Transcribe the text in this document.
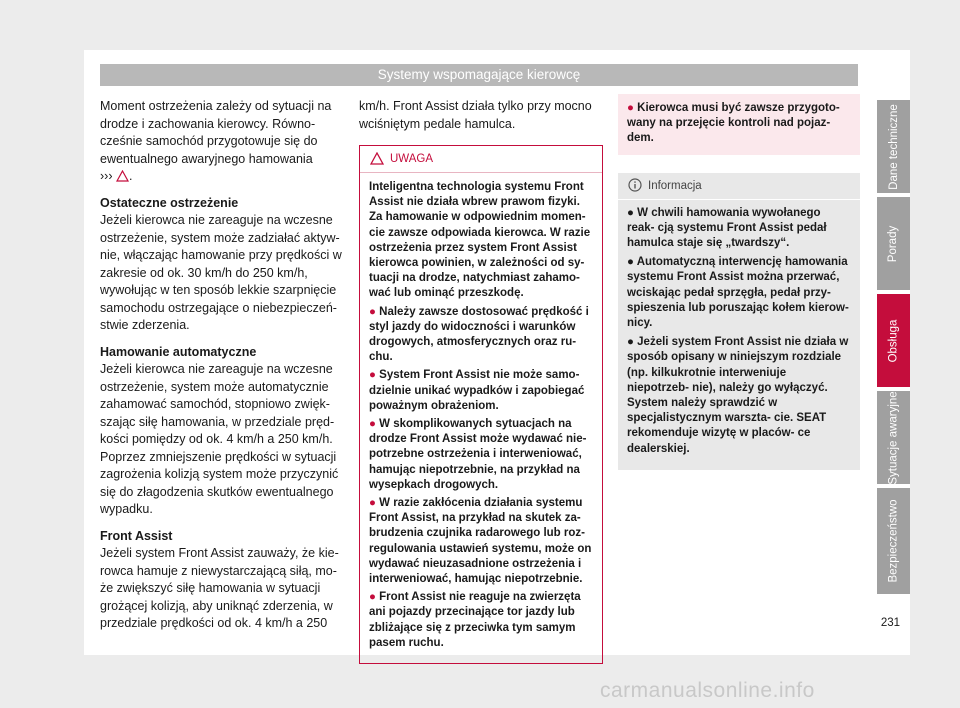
Systemy wspomagające kierowcę

Moment ostrzeżenia zależy od sytuacji na drodze i zachowania kierowcy. Równo- cześnie samochód przygotowuje się do ewentualnego awaryjnego hamowania
››› .

Ostateczne ostrzeżenie

Jeżeli kierowca nie zareaguje na wczesne ostrzeżenie, system może zadziałać aktyw- nie, włączając hamowanie przy prędkości w zakresie od ok. 30 km/h do 250 km/h, wywołując w ten sposób lekkie szarpnięcie samochodu ostrzegające o niebezpieczeń- stwie zderzenia.

Hamowanie automatyczne

Jeżeli kierowca nie zareaguje na wczesne ostrzeżenie, system może automatycznie zahamować samochód, stopniowo zwięk- szając siłę hamowania, w przedziale pręd- kości pomiędzy od ok. 4 km/h a 250 km/h. Poprzez zmniejszenie prędkości w sytuacji zagrożenia kolizją system może przyczynić się do złagodzenia skutków ewentualnego wypadku.

Front Assist

Jeżeli system Front Assist zauważy, że kie- rowca hamuje z niewystarczającą siłą, mo- że zwiększyć siłę hamowania w sytuacji grożącej kolizją, aby uniknąć zderzenia, w przedziale prędkości od ok. 4 km/h a 250

km/h. Front Assist działa tylko przy mocno wciśniętym pedale hamulca.

UWAGA

Inteligentna technologia systemu Front Assist nie działa wbrew prawom fizyki. Za hamowanie w odpowiednim momen- cie zawsze odpowiada kierowca. W razie ostrzeżenia przez system Front Assist kierowca powinien, w zależności od sy- tuacji na drodze, natychmiast zahamo- wać lub ominąć przeszkodę.

● Należy zawsze dostosować prędkość i styl jazdy do widoczności i warunków drogowych, atmosferycznych oraz ru- chu.

● System Front Assist nie może samo- dzielnie unikać wypadków i zapobiegać poważnym obrażeniom.

● W skomplikowanych sytuacjach na drodze Front Assist może wydawać nie- potrzebne ostrzeżenia i interweniować, hamując niepotrzebnie, na przykład na wysepkach drogowych.

● W razie zakłócenia działania systemu Front Assist, na przykład na skutek za- brudzenia czujnika radarowego lub roz- regulowania ustawień systemu, może on wydawać nieuzasadnione ostrzeżenia i interweniować, hamując niepotrzebnie.

● Front Assist nie reaguje na zwierzęta ani pojazdy przecinające tor jazdy lub zbliżające się z przeciwka tym samym pasem ruchu.

● Kierowca musi być zawsze przygoto- wany na przejęcie kontroli nad pojaz- dem.
Informacja

● W chwili hamowania wywołanego reak- cją systemu Front Assist pedał hamulca staje się „twardszy“.

● Automatyczną interwencję hamowania systemu Front Assist można przerwać, wciskając pedał sprzęgła, pedał przy- spieszenia lub poruszając kołem kierow- nicy.

● Jeżeli system Front Assist nie działa w sposób opisany w niniejszym rozdziale (np. kilkukrotnie interweniuje niepotrzeb- nie), należy go wyłączyć. System należy sprawdzić w specjalistycznym warszta- cie. SEAT rekomenduje wizytę w placów- ce dealerskiej.

Dane techniczne
Porady
Obsługa
Sytuacje awaryjne
Bezpieczeństwo
231
carmanualsonline.info
